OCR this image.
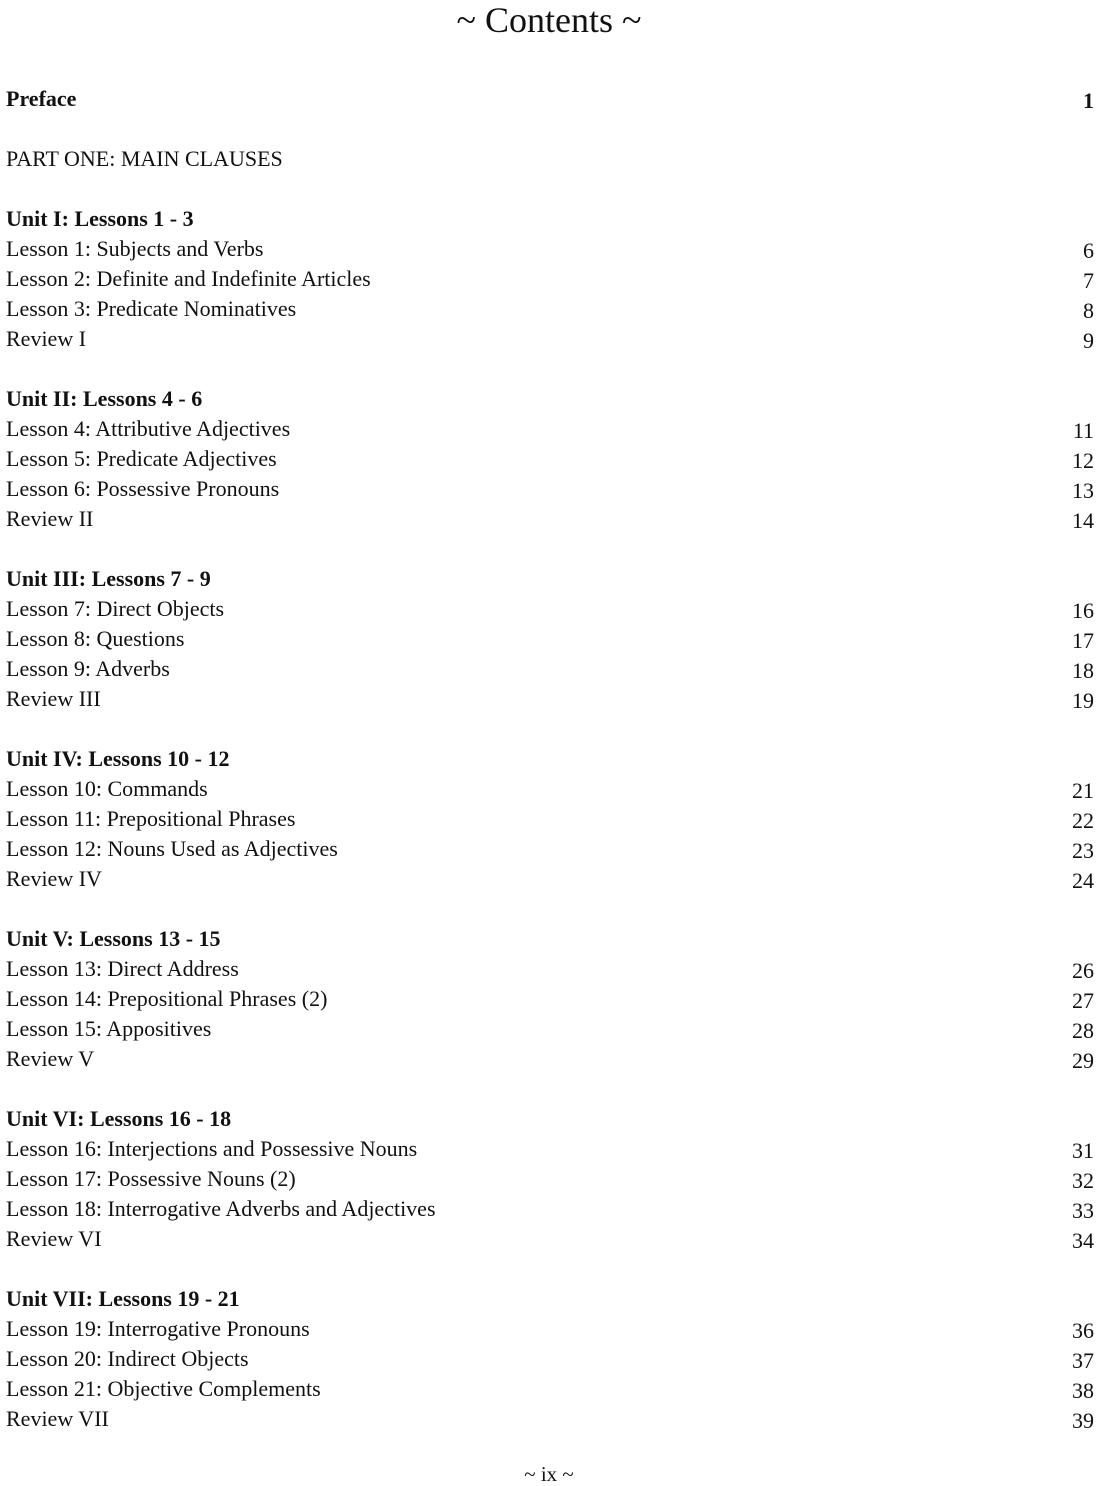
~ Contents ~
Preface	1
PART ONE: MAIN CLAUSES
Unit I: Lessons 1 - 3
Lesson 1: Subjects and Verbs	6
Lesson 2: Definite and Indefinite Articles	7
Lesson 3: Predicate Nominatives	8
Review I	9
Unit II: Lessons 4 - 6
Lesson 4: Attributive Adjectives	11
Lesson 5: Predicate Adjectives	12
Lesson 6: Possessive Pronouns	13
Review II	14
Unit III: Lessons 7 - 9
Lesson 7: Direct Objects	16
Lesson 8: Questions	17
Lesson 9: Adverbs	18
Review III	19
Unit IV: Lessons 10 - 12
Lesson 10: Commands	21
Lesson 11: Prepositional Phrases	22
Lesson 12: Nouns Used as Adjectives	23
Review IV	24
Unit V: Lessons 13 - 15
Lesson 13: Direct Address	26
Lesson 14: Prepositional Phrases (2)	27
Lesson 15: Appositives	28
Review V	29
Unit VI: Lessons 16 - 18
Lesson 16: Interjections and Possessive Nouns	31
Lesson 17: Possessive Nouns (2)	32
Lesson 18: Interrogative Adverbs and Adjectives	33
Review VI	34
Unit VII: Lessons 19 - 21
Lesson 19: Interrogative Pronouns	36
Lesson 20: Indirect Objects	37
Lesson 21: Objective Complements	38
Review VII	39
~ ix ~
